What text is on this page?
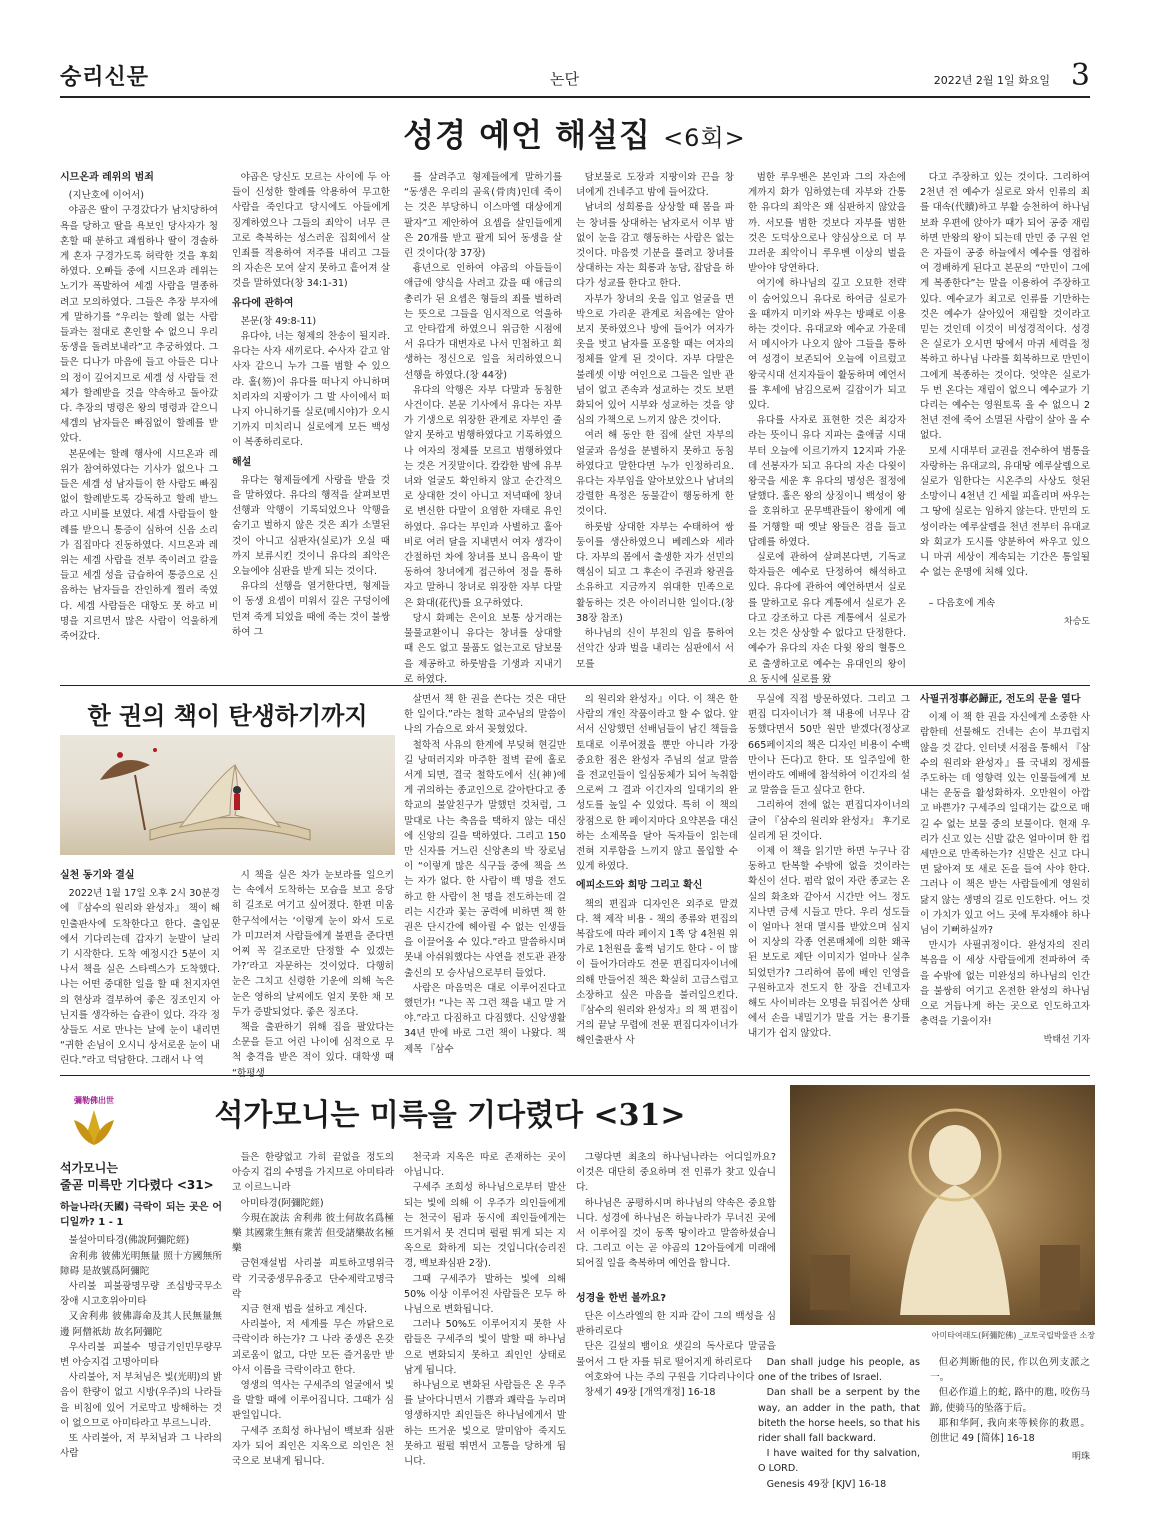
숭리신문	논단	2022년 2월 1일 화요일 3
성경 예언 해설집 <6회>

시므온과 레위의 범죄

(지난호에 이어서)

야곱은 딸이 구경갔다가 남치당하여 욕을 당하고 딸을 욕보인 당사자가 청혼할 때 분하고 괘씸하나 딸이 경솔하게 혼자 구경가도록 허락한 것을 후회하였다. 오빠들 중에 시므온과 레위는 노기가 폭발하여 세겜 사람을 멸종하려고 모의하였다. 그들은 추장 부자에게 말하기를 “우리는 할례 없는 사람들과는 절대로 혼인할 수 없으니 우리 동생을 돌려보내라”고 추궁하였다. 그들은 디나가 마음에 들고 아들은 디나의 정이 깊어지므로 세겜 성 사람들 전체가 할례받을 것을 약속하고 돌아갔다. 추장의 명령은 왕의 명령과 같으니 세겜의 남자들은 빠짐없이 할례를 받았다.

본문에는 할례 행사에 시므온과 레위가 참여하였다는 기사가 없으나 그들은 세겜 성 남자들이 한 사람도 빠짐없이 할례받도록 강독하고 할례 받느라고 시비를 보였다. 세겜 사람들이 할례를 받으니 통증이 심하여 신음 소리가 집집마다 진동하였다. 시므온과 레위는 세겜 사람을 전부 죽이려고 칼을 들고 세겜 성을 급습하여 통증으로 신음하는 남자들을 잔인하게 찔러 죽였다. 세겜 사람들은 대항도 못 하고 비명을 지르면서 많은 사람이 억울하게 죽어갔다.

야곱은 당신도 모르는 사이에 두 아들이 신성한 할례를 악용하여 무고한 사람을 죽인다고 당시에도 아들에게 징계하였으나 그들의 죄악이 너무 큰고로 축복하는 성스러운 집회에서 살인죄를 적용하여 저주를 내리고 그들의 자손은 모여 살지 못하고 흩어져 살 것을 말하였다(창 34:1-31)

유다에 관하여

본문(창 49:8-11)

유다야, 너는 형제의 찬송이 될지라. 유다는 사자 새끼로다. 수사자 같고 암사자 같으니 누가 그를 범할 수 있으랴. 홀(笏)이 유다를 떠나지 아니하며 치리자의 지팡이가 그 발 사이에서 떠나지 아니하기를 실로(메시야)가 오시기까지 미치리니 실로에게 모든 백성이 복종하리로다.

해설

유다는 형제들에게 사랑을 받을 것을 말하였다. 유다의 행적을 살펴보면 선행과 악행이 기록되었으나 악행을 숨기고 벌하지 않은 것은 죄가 소멸된 것이 아니고 심판자(실로)가 오실 때까지 보류시킨 것이니 유다의 죄악은 오늘에야 심판을 받게 되는 것이다.

유다의 선행을 열거한다면, 형제들이 동생 요셉이 미워서 깊은 구덩이에 던져 죽게 되었을 때에 죽는 것이 불쌍하여 그

를 살려주고 형제들에게 말하기를 “동생은 우리의 골육(骨肉)인데 죽이는 것은 부당하니 이스마엘 대상에게 팔자”고 제안하여 요셉을 살인들에게 은 20개를 받고 팔게 되어 동생을 살린 것이다(창 37장)

흉년으로 인하여 야곱의 아들들이 애급에 양식을 사려고 갔을 때 애급의 총리가 된 요셉은 형들의 죄를 벌하려는 뜻으로 그들을 임시적으로 억울하고 안타깝게 하였으니 위급한 시점에서 유다가 대변자로 나서 민첩하고 희생하는 정신으로 일을 처리하였으니 선행을 하였다.(창 44장)

유다의 악행은 자부 다말과 동침한 사건이다. 본문 기사에서 유다는 자부가 기생으로 위장한 관계로 자부인 줄 알지 못하고 범행하였다고 기록하였으나 여자의 정체를 모르고 범행하였다는 것은 거짓말이다. 캄캄한 밤에 유부녀와 얼굴도 확인하지 않고 순간적으로 상대한 것이 아니고 저녁때에 창녀로 변신한 다말이 요염한 자태로 유인하였다. 유다는 부인과 사별하고 홀아비로 여러 달을 지내면서 여자 생각이 간절하던 차에 창녀를 보니 음욕이 발동하여 창녀에게 접근하여 정을 통하자고 말하니 창녀로 위장한 자부 다말은 화대(花代)를 요구하였다.

당시 화폐는 은이요 보통 상거래는 물물교환이니 유다는 창녀를 상대할 때 은도 없고 물품도 없는고로 담보물을 제공하고 하룻밤을 기생과 지내기로 하였다.

담보물로 도장과 지팡이와 끈을 창녀에게 건네주고 밤에 들어갔다.

남녀의 성희롱을 상상할 때 몸을 파는 창녀를 상대하는 남자로서 이부 밤 없이 눈을 감고 행동하는 사람은 없는 것이다. 마음껏 기분을 풀려고 창녀를 상대하는 자는 희롱과 농담, 잡담을 하다가 성교를 한다고 한다.

자부가 창녀의 옷을 입고 얼굴을 면박으로 가리운 관계로 처음에는 알아보지 못하였으나 방에 들어가 여자가 옷을 벗고 남자를 포옹할 때는 여자의 정체를 알게 된 것이다. 자부 다말은 불레셋 이방 여인으로 그들은 일반 관념이 없고 존속과 성교하는 것도 보편화되어 있어 시부와 성교하는 것을 양심의 가책으로 느끼지 않은 것이다.

여러 해 동안 한 집에 살던 자부의 얼굴과 음성을 분별하지 못하고 동침하였다고 말한다면 누가 인정하리요. 유다는 자부임을 알아보았으나 남녀의 강렬한 욕정은 동물같이 행동하게 한 것이다.

하룻밤 상대한 자부는 수태하여 쌍둥이를 생산하였으니 베레스와 세라다. 자부의 몸에서 출생한 자가 선민의 핵심이 되고 그 후손이 주권과 왕권을 소유하고 지금까지 위대한 민족으로 활동하는 것은 아이러니한 일이다.(창 38장 참조)

하나님의 신이 부친의 임을 통하여 선악간 상과 벌을 내리는 심판에서 서모를

범한 루우벤은 본인과 그의 자손에게까지 화가 임하였는데 자부와 간통한 유다의 죄악은 왜 심판하지 않았을까. 서모를 범한 것보다 자부를 범한 것은 도덕상으로나 양심상으로 더 부끄러운 죄악이니 루우벤 이상의 벌을 받아야 당연하다.

여기에 하나님의 깊고 오묘한 전략이 숨어있으니 유다로 하여금 실로가 올 때까지 미키와 싸우는 방패로 이용하는 것이다. 유대교와 예수교 가운데서 메시아가 나오지 않아 그들을 통하여 성경이 보존되어 오늘에 이르렀고 왕국시대 선지자들이 활동하며 예언서를 후세에 남김으로써 길잡이가 되고 있다.

유다를 사자로 표현한 것은 최강자라는 뜻이니 유다 지파는 출애굽 시대부터 오늘에 이르기까지 12지파 가운데 선봉자가 되고 유다의 자손 다윗이 왕국을 세운 후 유다의 명성은 절정에 달했다. 홀은 왕의 상징이니 백성이 왕을 호위하고 문무백관들이 왕에게 예를 거행할 때 옛날 왕들은 검을 들고 답례를 하였다.

실로에 관하여 살펴본다면, 기독교 학자들은 예수로 단정하여 해석하고 있다. 유다에 관하여 예언하면서 실로를 말하고로 유다 계통에서 실로가 온다고 강조하고 다른 계통에서 실로가 오는 것은 상상할 수 없다고 단정한다. 예수가 유다의 자손 다윗 왕의 혈통으로 출생하고로 예수는 유대인의 왕이요 동시에 실로를 왔

다고 주장하고 있는 것이다. 그리하여 2천년 전 예수가 실로로 와서 인류의 죄를 대속(代贖)하고 부활 승천하여 하나님 보좌 우편에 앉아가 때가 되어 공중 재림하면 만왕의 왕이 되는데 만민 중 구원 얻은 자들이 공중 하늘에서 예수를 영접하여 경배하게 된다고 본문의 “만민이 그에게 복종한다”는 말을 이용하여 주장하고 있다. 예수교가 최고로 인류를 기만하는 것은 예수가 살아있어 재림할 것이라고 믿는 것인데 이것이 비성경적이다. 성경은 실로가 오시면 땅에서 마귀 세력을 정복하고 하나님 나라를 회복하므로 만민이 그에게 복종하는 것이다. 엇약은 실로가 두 번 온다는 재림이 없으니 예수교가 기다리는 예수는 영원토록 올 수 없으니 2천년 전에 죽어 소멸된 사람이 살아 올 수 없다.

모세 시대부터 교권을 전수하여 범통을 자랑하는 유대교의, 유대땅 예루살렘으로 실로가 임한다는 시온주의 사상도 헛된 소망이니 4천년 긴 세월 피흘리며 싸우는 그 땅에 실로는 임하지 않는다. 만민의 도성이라는 예루살렘을 천년 전부터 유대교와 회교가 도시를 양분하여 싸우고 있으니 마귀 세상이 계속되는 기간은 통일될 수 없는 운명에 처해 있다.

– 다음호에 계속

차승도

한 권의 책이 탄생하기까지

실천 동기와 결실

2022년 1월 17일 오후 2시 30분경에 『삼수의 원리와 완성자』 책이 해인출판사에 도착한다고 한다. 출입문에서 기다리는데 갑자기 눈발이 날리기 시작한다. 도착 예정시간 5분이 지나서 책을 실은 스타렉스가 도착했다. 나는 어떤 중대한 일을 할 때 천지자연의 현상과 결부하여 좋은 징조인지 아닌지를 생각하는 습관이 있다. 각각 정상들도 서로 만나는 날에 눈이 내리면 “귀한 손님이 오시니 상서로운 눈이 내린다.”라고 덕담한다. 그래서 나 역

시 책을 실은 차가 눈보라를 일으키는 속에서 도착하는 모습을 보고 응당히 길조로 여기고 싶어졌다. 한편 미움 한구석에서는 ‘이렇게 눈이 와서 도로가 미끄러져 사람들에게 불편을 준다면 어찌 꼭 길조로만 단정할 수 있겠는가?’라고 자문하는 것이었다. 다행히 눈은 그치고 신령한 기운에 의해 녹은 눈은 영하의 날씨에도 얼지 못한 채 모두가 증발되었다. 좋은 징조다.

책을 출판하기 위해 집을 팔았다는 소문을 듣고 어린 나이에 심적으로 무척 충격을 받은 적이 있다. 대학생 때 “한평생

살면서 책 한 권을 쓴다는 것은 대단한 일이다.”라는 철학 교수님의 말씀이 나의 가슴으로 와서 꽂혔었다.

철학적 사유의 한계에 부딪혀 현길만길 낭떠러지와 마주한 절벽 끝에 홀로 서게 되면, 결국 철학도에서 신(神)에게 귀의하는 종교인으로 갈아탄다고 종학교의 불알친구가 말했던 것처럼, 그 말대로 나는 축음을 택하지 않는 대신에 신앙의 길을 택하였다. 그리고 150만 신자를 거느린 신앙촌의 박 장로님이 “이렇게 많은 식구들 중에 책을 쓰는 자가 없다. 한 사람이 백 명을 전도하고 한 사람이 천 명을 전도하는데 걸리는 시간과 꽃는 공력에 비하면 책 한 권은 단시간에 헤아릴 수 없는 인생들을 이끌어올 수 있다.”라고 말씀하시며 못내 아쉬워했다는 사연을 전도관 관장 출신의 모 승사님으로부터 들었다.

사람은 마음먹은 대로 이루어진다고 했던가! “나는 꼭 그런 책을 내고 말 거야.”라고 다짐하고 다짐했다. 신앙생활 34년 만에 바로 그런 책이 나왔다. 책 제목 『삼수

의 원리와 완성자』이다. 이 책은 한 사람의 개인 작품이라고 할 수 없다. 앞서서 신앙했던 선배님들이 남긴 책들을 토대로 이루어졌을 뿐만 아니라 가장 중요한 점은 완성자 주님의 설교 말씀을 전교인들이 일심동체가 되어 녹취함으로써 그 결과 이긴자의 일대기의 완성도를 높일 수 있었다. 특히 이 책의 장점으로 한 페이지마다 요약본을 대신하는 소제목을 달아 독자들이 읽는데 전혀 지루함을 느끼지 않고 몰입할 수 있게 하였다.

에피소드와 희망 그리고 확신

책의 편집과 디자인은 외주로 맡겼다. 책 제작 비용 - 책의 종류와 편집의 복잡도에 따라 페이지 1쪽 당 4천원 위 가로 1천원을 훌쩍 넘기도 한다 - 이 많이 들어가더라도 전문 편집디자이너에 의해 만들어진 책은 확실히 고급스럽고 소장하고 싶은 마음을 불러일으킨다. 『삼수의 원리와 완성자』의 책 편집이 거의 끝날 무렵에 전문 편집디자이너가 해인출판사 사

무실에 직접 방문하였다. 그리고 그 편집 디자이너가 책 내용에 너무나 감동했다면서 50만 원만 받겠다(정상교 665페이지의 책은 디자인 비용이 수백만이나 든다)고 한다. 또 일주일에 한 번이라도 예배에 참석하여 이긴자의 설교 말씀을 듣고 싶다고 한다.

그리하여 전에 없는 편집디자이너의 글이 『삼수의 원리와 완성자』 후기로 실리게 된 것이다.

이제 이 책을 읽기만 하면 누구나 감동하고 탄복할 수밖에 없을 것이라는 확신이 선다. 펌락 없이 자란 종교는 온실의 화초와 같아서 시간만 어느 정도 지나면 금세 시들고 만다. 우리 성도들이 얼마나 천대 멸시를 받았으며 심지어 지상의 각종 언론매체에 의한 왜곡된 보도로 제단 이미지가 얼마나 실추되었던가? 그리하여 몸에 배인 인영을 구원하고자 전도지 한 장을 건네고자 해도 사이비라는 오명을 뒤집어쓴 상태에서 손을 내밀기가 말을 거는 용기를 내기가 쉽지 않았다.

사필귀정事必歸正, 전도의 문을 열다

이제 이 책 한 권을 자신에게 소중한 사람한테 선물해도 건네는 손이 부끄럽지 않을 것 같다. 인터넷 서점을 통해서 『삼수의 원리와 완성자』를 국내외 정세를 주도하는 데 영향력 있는 인물들에게 보내는 운동을 활성화하자. 오만원이 아깝고 바쁜가? 구세주의 일대기는 값으로 매길 수 없는 보물 중의 보물이다. 현재 우리가 신고 있는 신발 값은 얼마이며 한 컵세만으로 만족하는가? 신발은 신고 다니면 닳아져 또 새로 돈을 들여 사야 한다. 그러나 이 책은 받는 사람들에게 영원히 닳지 않는 생명의 길로 인도한다. 어느 것이 가치가 있고 어느 곳에 투자해야 하나님이 기뻐하실까?

만시가 사필귀정이다. 완성자의 진리 복음을 이 세상 사람들에게 전파하여 죽을 수밖에 없는 미완성의 하나님의 인간을 불쌍히 여기고 온전한 완성의 하나님으로 거듭나게 하는 곳으로 인도하고자 총력을 기울이자!

박태선 기자

彌勒佛出世	석가모니는 미륵을 기다렸다 <31>
석가모니는
줄곧 미륵만 기다렸다 <31>

하늘나라(天國) 극락이 되는 곳은 어디일까? 1 - 1

불설아미타경(佛說阿彌陀經)

舍利弗 彼佛光明無量 照十方國無所障碍 是故號爲阿彌陀

사리불 피불광명무량 조십방국무소장애 시고호위아미타

又舍利弗 彼佛壽命及其人民無量無邊 阿僧祇劫 故名阿彌陀

우사리불 피불수 명급기인민무량무변 아승지겁 고명아미타

사리불아, 저 부처님은 빛(光明)의 밝음이 한량이 없고 시방(우주)의 나라들을 비침에 있어 거로막고 방해하는 것이 없으므로 아미타라고 부르느니라.

또 사리불아, 저 부처님과 그 나라의 사람

들은 한량없고 가히 끝없을 정도의 아승지 겁의 수명을 가지므로 아미타라고 이르느니라

아미타경(阿彌陀經)

今現在說法 舍利弗 彼土何故名爲極樂 其國衆生無有衆苦 但受諸樂故名極樂

금현재설법 사리불 피토하고명위극락 기국중생무유중고 단수제락고명극락

지금 현재 법을 설하고 계신다.

사리불아, 저 세계를 무슨 까닭으로 극락이라 하는가? 그 나라 중생은 온갖 괴로움이 없고, 다만 모든 즐거움만 받아서 이름을 극락이라고 한다.

영생의 역사는 구세주의 얼굴에서 빛을 발할 때에 이루어집니다. 그때가 심판일입니다.

구세주 조희성 하나님이 백보좌 심판자가 되어 죄인은 지옥으로 의인은 천국으로 보내게 됩니다.

천국과 지옥은 따로 존재하는 곳이 아닙니다.

구세주 조희성 하나님으로부터 발산되는 빛에 의해 이 우주가 의인들에게는 천국이 됨과 동시에 죄인들에게는 뜨거워서 못 견디며 펄펄 뛰게 되는 지옥으로 화하게 되는 것입니다(승리진경, 백보좌심판 2장).

그때 구세주가 발하는 빛에 의해 50% 이상 이루어진 사람들은 모두 하나님으로 변화됩니다.

그러나 50%도 이루어지지 못한 사람들은 구세주의 빛이 발할 때 하나님으로 변화되지 못하고 죄인인 상태로 남게 됩니다.

하나님으로 변화된 사람들은 온 우주를 날아다니면서 기쁨과 쾌락을 누리며 영생하지만 죄인들은 하나님에게서 발하는 뜨거운 빛으로 말미암아 죽지도 못하고 펄펄 뛰면서 고통을 당하게 됩니다.

그렇다면 최초의 하나님나라는 어디일까요? 이것은 대단히 중요하며 전 인류가 찾고 있습니다.

하나님은 공평하시며 하나님의 약속은 중요합니다. 성경에 하나님은 하늘나라가 무너진 곳에서 이루어질 것이 동쪽 땅이라고 말씀하셨습니다. 그리고 이는 곧 야곱의 12아들에게 미래에 되어질 일을 축복하며 예언을 합니다.

성경을 한번 볼까요?

단은 이스라엘의 한 지파 같이 그의 백성을 심판하리로다

단은 길섶의 뱀이요 샛길의 독사로다 말굽을 물어서 그 탄 자를 뒤로 떨어지게 하리로다

여호와여 나는 주의 구원을 기다리나이다

창세기 49장 [개역개정] 16-18

아미타여래도(阿彌陀佛) _교토국립박물관 소장

Dan shall judge his people, as one of the tribes of Israel.

Dan shall be a serpent by the way, an adder in the path, that biteth the horse heels, so that his rider shall fall backward.

I have waited for thy salvation, O LORD.

Genesis 49장 [KJV] 16-18

但必判断他的民, 作以色列支派之一。

但必作道上的蛇, 路中的虺, 咬伤马蹄, 使骑马的坠落于后。

耶和华阿, 我向来等候你的救恩。 创世记 49 [简体] 16-18

明珠
